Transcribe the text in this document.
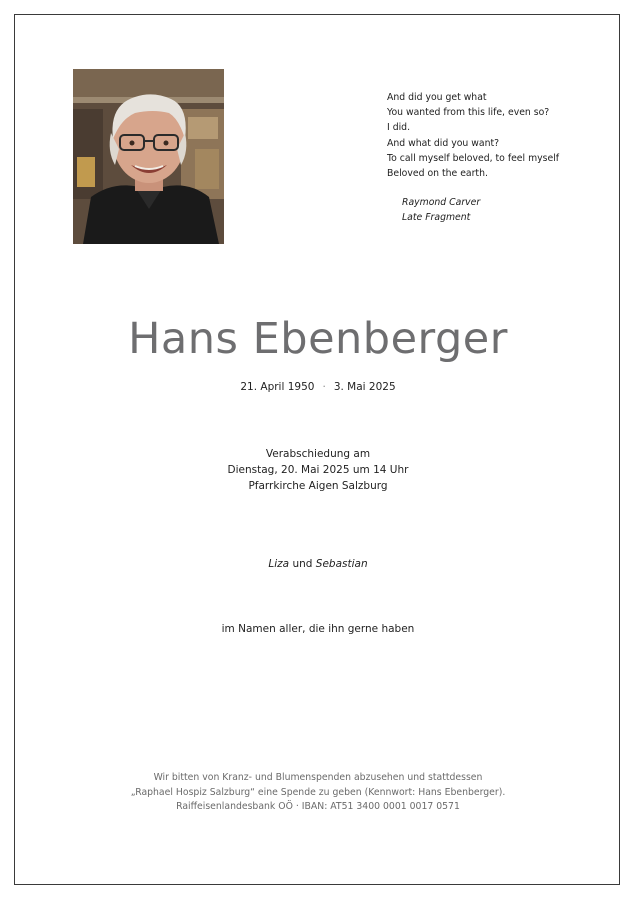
And did you get what
You wanted from this life, even so?
I did.
And what did you want?
To call myself beloved, to feel myself
Beloved on the earth.
Raymond Carver
Late Fragment
Hans Ebenberger
21. April 1950 · 3. Mai 2025
Verabschiedung am
Dienstag, 20. Mai 2025 um 14 Uhr
Pfarrkirche Aigen Salzburg
Liza und Sebastian
im Namen aller, die ihn gerne haben
Wir bitten von Kranz- und Blumenspenden abzusehen und stattdessen
„Raphael Hospiz Salzburg“ eine Spende zu geben (Kennwort: Hans Ebenberger).
Raiffeisenlandesbank OÖ · IBAN: AT51 3400 0001 0017 0571
